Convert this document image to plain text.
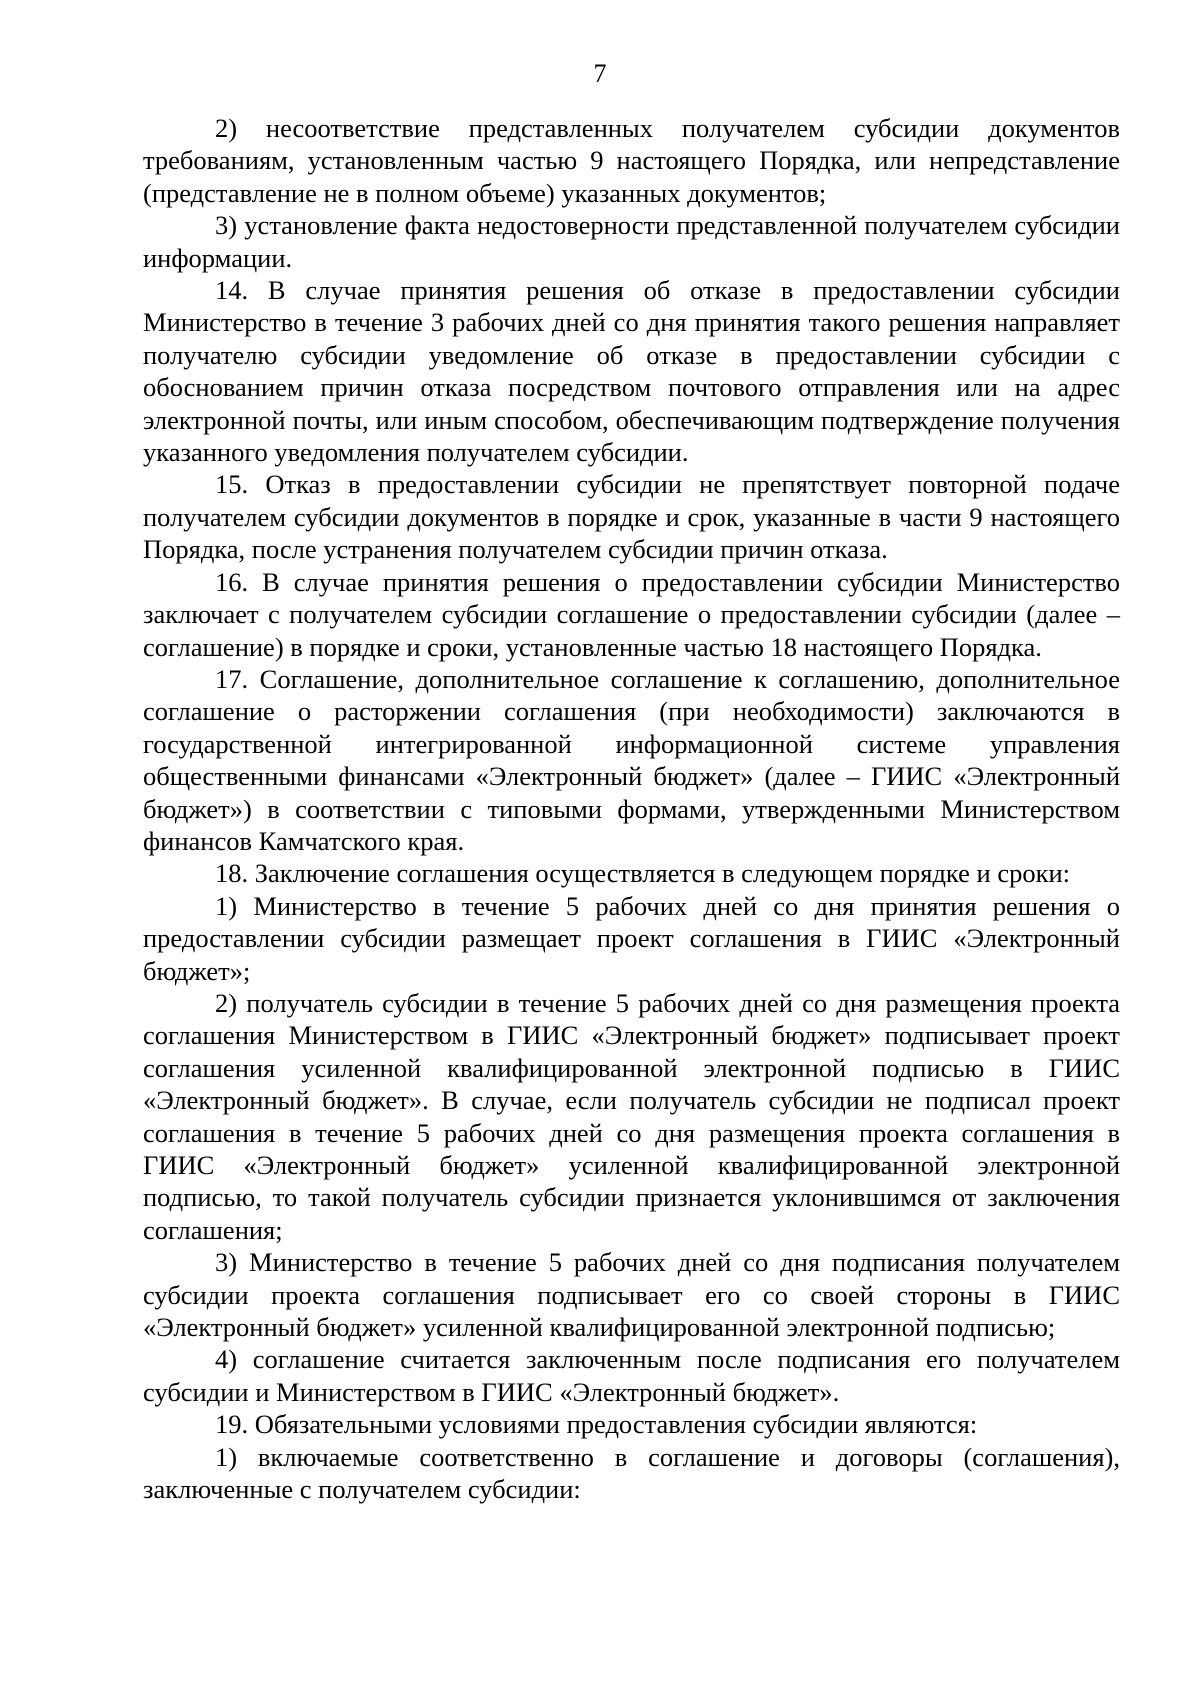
7

2) несоответствие представленных получателем субсидии документов требованиям, установленным частью 9 настоящего Порядка, или непредставление (представление не в полном объеме) указанных документов;

3) установление факта недостоверности представленной получателем субсидии информации.

14. В случае принятия решения об отказе в предоставлении субсидии Министерство в течение 3 рабочих дней со дня принятия такого решения направляет получателю субсидии уведомление об отказе в предоставлении субсидии с обоснованием причин отказа посредством почтового отправления или на адрес электронной почты, или иным способом, обеспечивающим подтверждение получения указанного уведомления получателем субсидии.

15. Отказ в предоставлении субсидии не препятствует повторной подаче получателем субсидии документов в порядке и срок, указанные в части 9 настоящего Порядка, после устранения получателем субсидии причин отказа.

16. В случае принятия решения о предоставлении субсидии Министерство заключает с получателем субсидии соглашение о предоставлении субсидии (далее – соглашение) в порядке и сроки, установленные частью 18 настоящего Порядка.

17. Соглашение, дополнительное соглашение к соглашению, дополнительное соглашение о расторжении соглашения (при необходимости) заключаются в государственной интегрированной информационной системе управления общественными финансами «Электронный бюджет» (далее – ГИИС «Электронный бюджет») в соответствии с типовыми формами, утвержденными Министерством финансов Камчатского края.

18. Заключение соглашения осуществляется в следующем порядке и сроки:

1) Министерство в течение 5 рабочих дней со дня принятия решения о предоставлении субсидии размещает проект соглашения в ГИИС «Электронный бюджет»;

2) получатель субсидии в течение 5 рабочих дней со дня размещения проекта соглашения Министерством в ГИИС «Электронный бюджет» подписывает проект соглашения усиленной квалифицированной электронной подписью в ГИИС «Электронный бюджет». В случае, если получатель субсидии не подписал проект соглашения в течение 5 рабочих дней со дня размещения проекта соглашения в ГИИС «Электронный бюджет» усиленной квалифицированной электронной подписью, то такой получатель субсидии признается уклонившимся от заключения соглашения;

3) Министерство в течение 5 рабочих дней со дня подписания получателем субсидии проекта соглашения подписывает его со своей стороны в ГИИС «Электронный бюджет» усиленной квалифицированной электронной подписью;

4) соглашение считается заключенным после подписания его получателем субсидии и Министерством в ГИИС «Электронный бюджет».

19. Обязательными условиями предоставления субсидии являются:

1) включаемые соответственно в соглашение и договоры (соглашения), заключенные с получателем субсидии:
